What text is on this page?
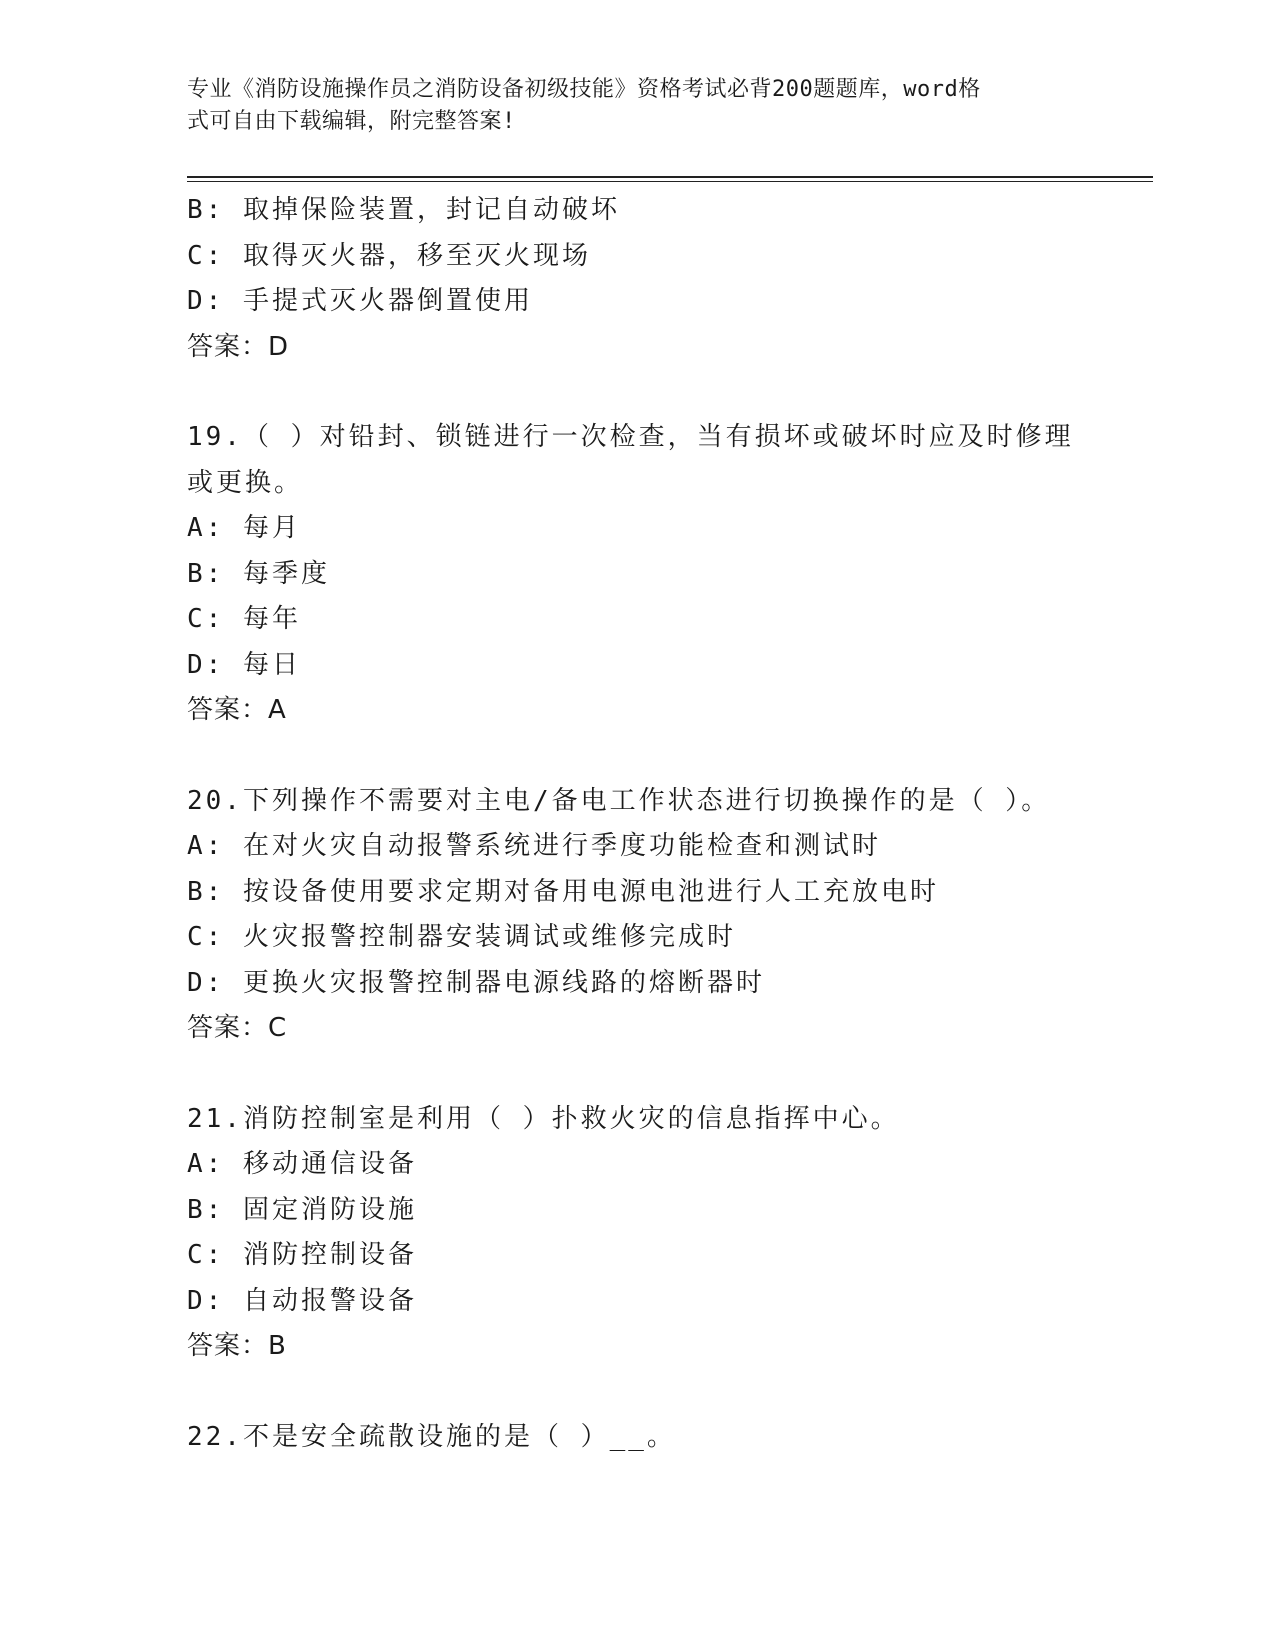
专业《消防设施操作员之消防设备初级技能》资格考试必背200题题库，word格
式可自由下载编辑，附完整答案!
B: 取掉保险装置，封记自动破坏
C: 取得灭火器，移至灭火现场
D: 手提式灭火器倒置使用
答案：D
19.（ ）对铅封、锁链进行一次检查，当有损坏或破坏时应及时修理
或更换。
A: 每月
B: 每季度
C: 每年
D: 每日
答案：A
20.下列操作不需要对主电/备电工作状态进行切换操作的是（ ）。
A: 在对火灾自动报警系统进行季度功能检查和测试时
B: 按设备使用要求定期对备用电源电池进行人工充放电时
C: 火灾报警控制器安装调试或维修完成时
D: 更换火灾报警控制器电源线路的熔断器时
答案：C
21.消防控制室是利用（ ）扑救火灾的信息指挥中心。
A: 移动通信设备
B: 固定消防设施
C: 消防控制设备
D: 自动报警设备
答案：B
22.不是安全疏散设施的是（ ）__。
